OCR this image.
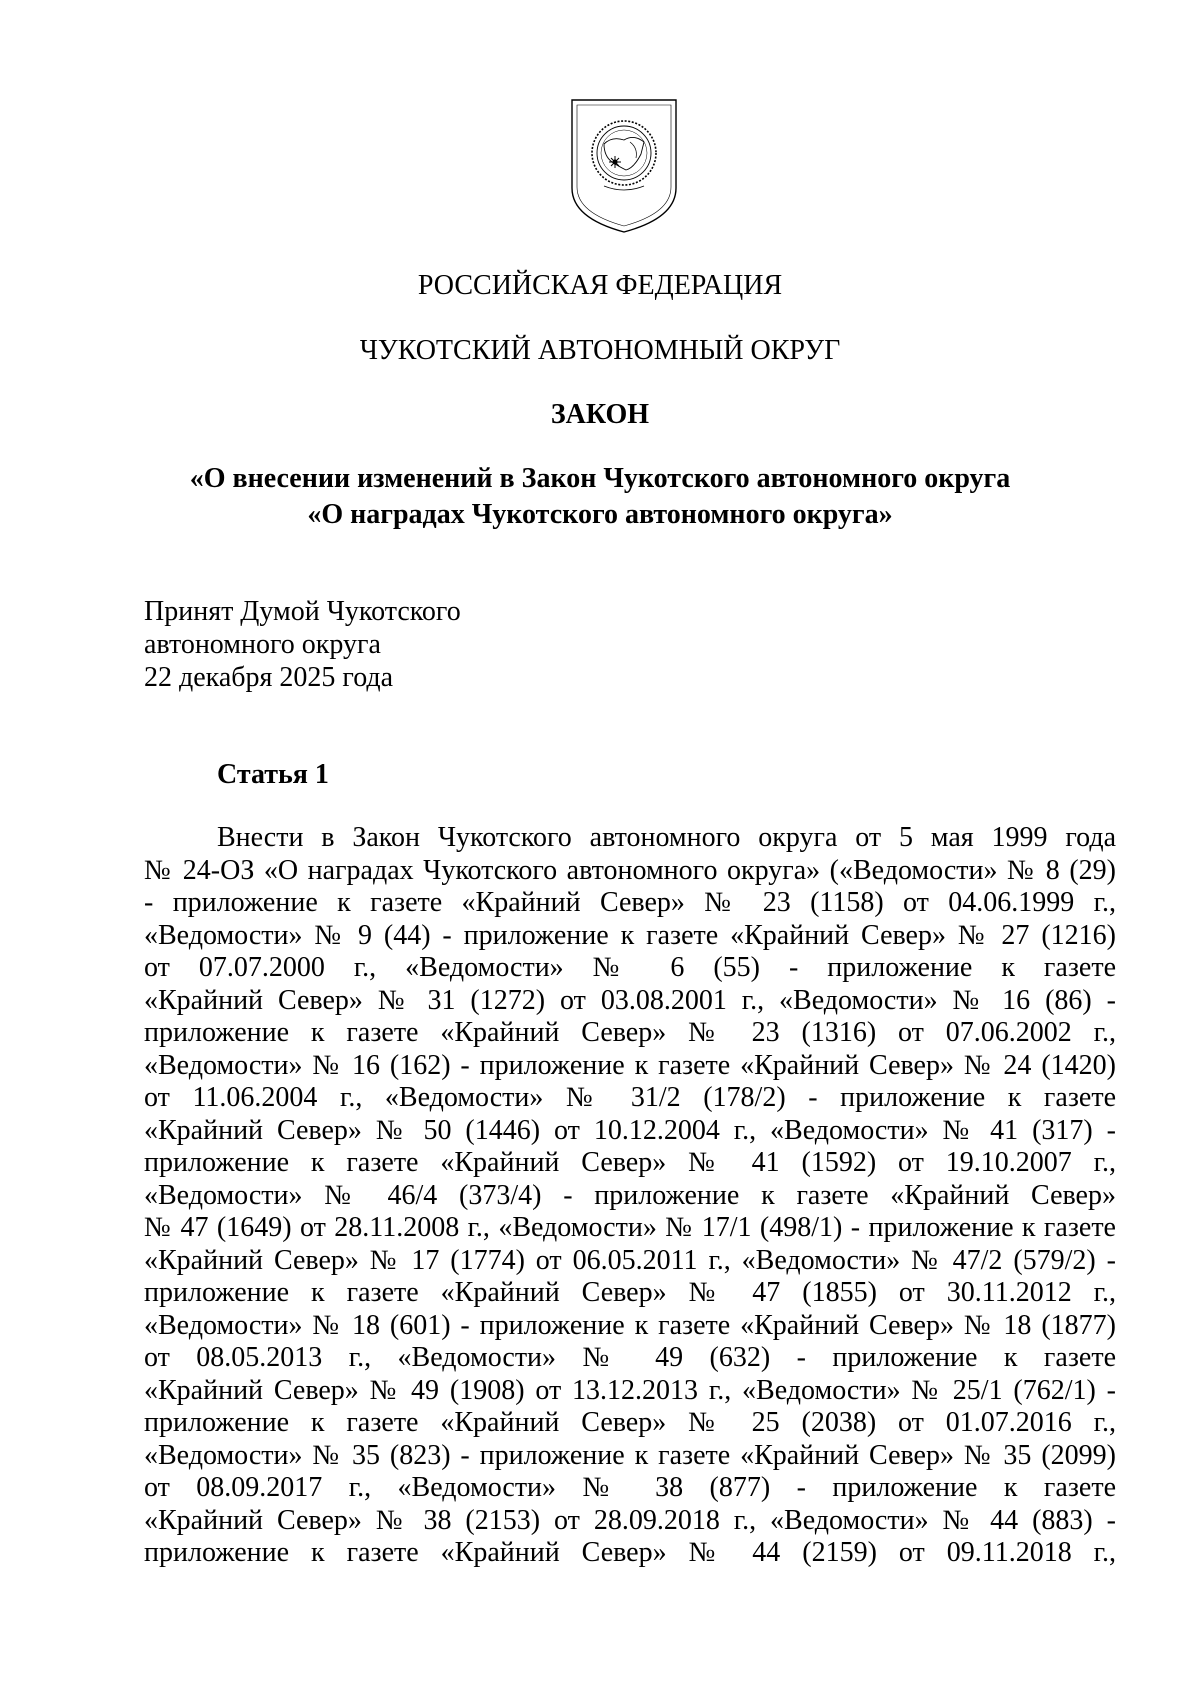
РОССИЙСКАЯ ФЕДЕРАЦИЯ
ЧУКОТСКИЙ АВТОНОМНЫЙ ОКРУГ
ЗАКОН
«О внесении изменений в Закон Чукотского автономного округа
«О наградах Чукотского автономного округа»
Принят Думой Чукотского
автономного округа
22 декабря 2025 года
Статья 1
Внести в Закон Чукотского автономного округа от 5 мая 1999 года
№ 24-ОЗ «О наградах Чукотского автономного округа» («Ведомости» № 8 (29)
- приложение к газете «Крайний Север» № 23 (1158) от 04.06.1999 г.,
«Ведомости» № 9 (44) - приложение к газете «Крайний Север» № 27 (1216)
от 07.07.2000 г., «Ведомости» № 6 (55) - приложение к газете
«Крайний Север» № 31 (1272) от 03.08.2001 г., «Ведомости» № 16 (86) -
приложение к газете «Крайний Север» № 23 (1316) от 07.06.2002 г.,
«Ведомости» № 16 (162) - приложение к газете «Крайний Север» № 24 (1420)
от 11.06.2004 г., «Ведомости» № 31/2 (178/2) - приложение к газете
«Крайний Север» № 50 (1446) от 10.12.2004 г., «Ведомости» № 41 (317) -
приложение к газете «Крайний Север» № 41 (1592) от 19.10.2007 г.,
«Ведомости» № 46/4 (373/4) - приложение к газете «Крайний Север»
№ 47 (1649) от 28.11.2008 г., «Ведомости» № 17/1 (498/1) - приложение к газете
«Крайний Север» № 17 (1774) от 06.05.2011 г., «Ведомости» № 47/2 (579/2) -
приложение к газете «Крайний Север» № 47 (1855) от 30.11.2012 г.,
«Ведомости» № 18 (601) - приложение к газете «Крайний Север» № 18 (1877)
от 08.05.2013 г., «Ведомости» № 49 (632) - приложение к газете
«Крайний Север» № 49 (1908) от 13.12.2013 г., «Ведомости» № 25/1 (762/1) -
приложение к газете «Крайний Север» № 25 (2038) от 01.07.2016 г.,
«Ведомости» № 35 (823) - приложение к газете «Крайний Север» № 35 (2099)
от 08.09.2017 г., «Ведомости» № 38 (877) - приложение к газете
«Крайний Север» № 38 (2153) от 28.09.2018 г., «Ведомости» № 44 (883) -
приложение к газете «Крайний Север» № 44 (2159) от 09.11.2018 г.,
